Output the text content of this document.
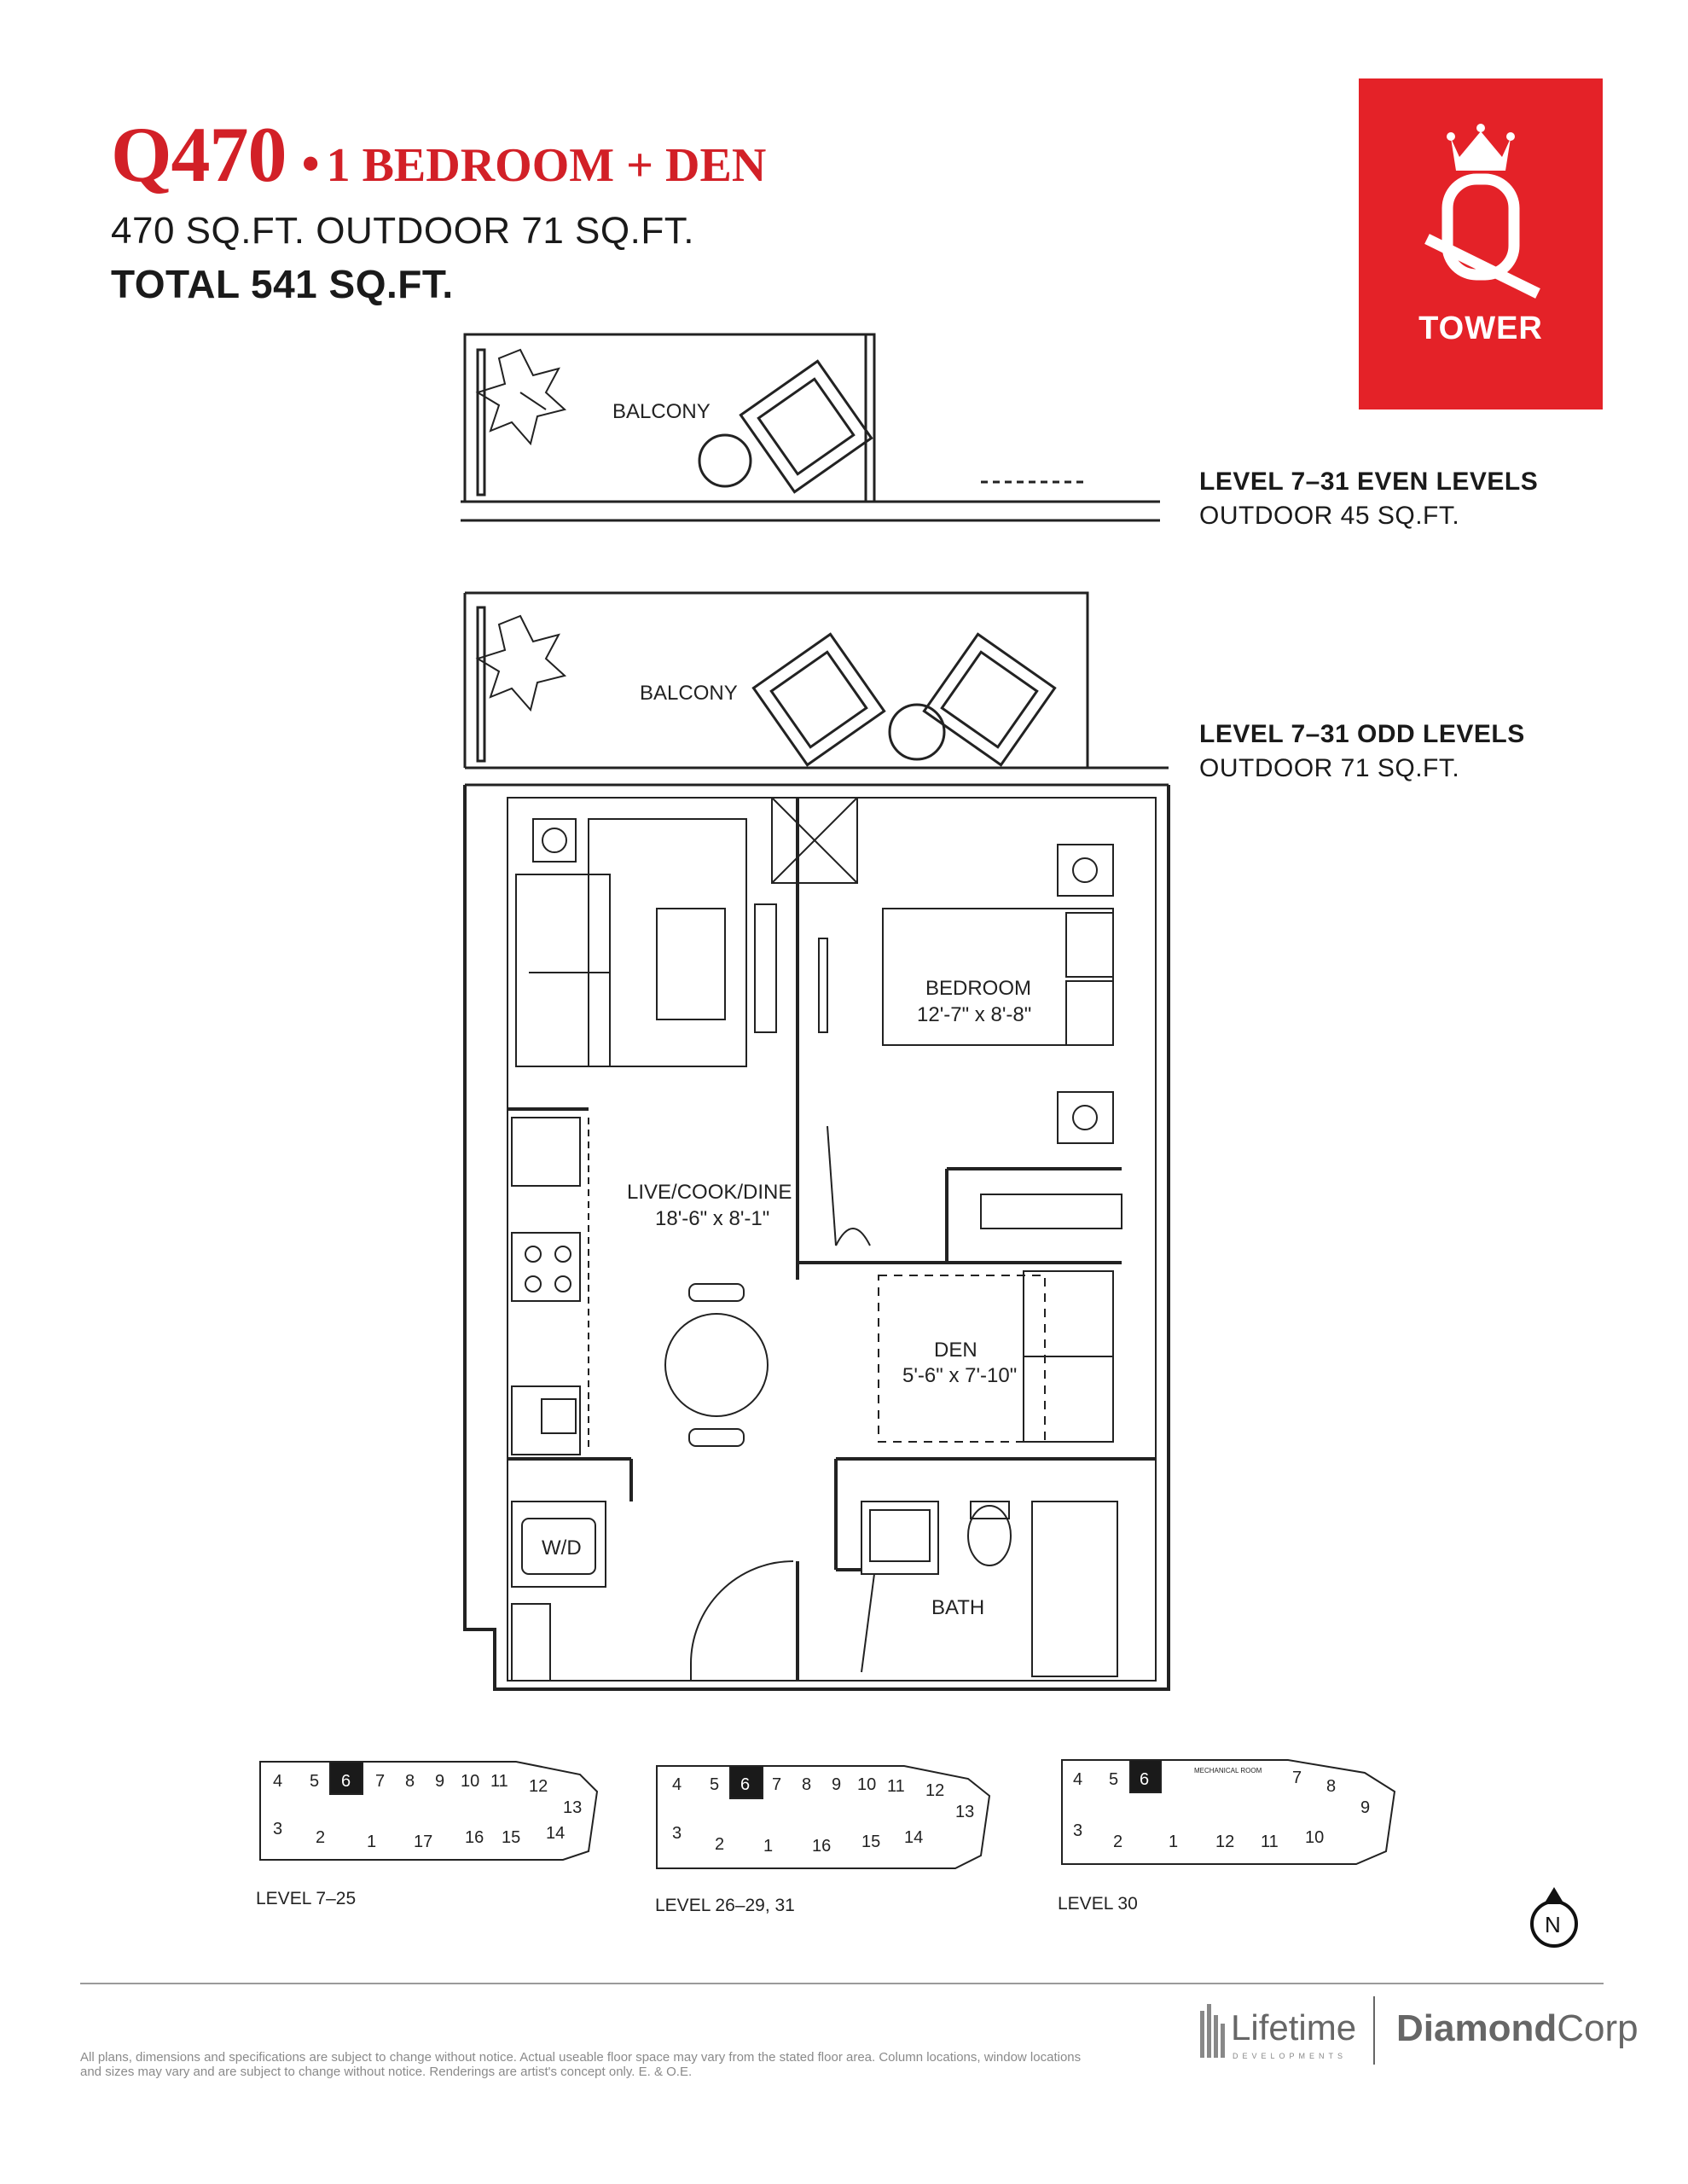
Q470 • 1 BEDROOM + DEN
470 SQ.FT. OUTDOOR 71 SQ.FT.
TOTAL 541 SQ.FT.
TOWER
LEVEL 7–31 EVEN LEVELS
OUTDOOR 45 SQ.FT.
LEVEL 7–31 ODD LEVELS
OUTDOOR 71 SQ.FT.
BALCONY
BALCONY
BEDROOM
12'-7" x 8'-8"
LIVE/COOK/DINE
18'-6" x 8'-1"
DEN
5'-6" x 7'-10"
BATH
W/D
4 5 6 7 8 9 10 11 12
13
3 2 1 17 16 15 14
4 5 6 7 8 9 10 11 12
13
3
2 1 16 15 14
4 5 6	7 8
9
3
2	1 12 11 10
MECHANICAL ROOM
LEVEL 7–25	LEVEL 26–29, 31	LEVEL 30
N
All plans, dimensions and specifications are subject to change without notice. Actual useable floor space may vary from the stated floor area. Column locations, window locations and sizes may vary and are subject to change without notice. Renderings are artist's concept only. E. & O.E.
Lifetime
DEVELOPMENTS
DiamondCorp
